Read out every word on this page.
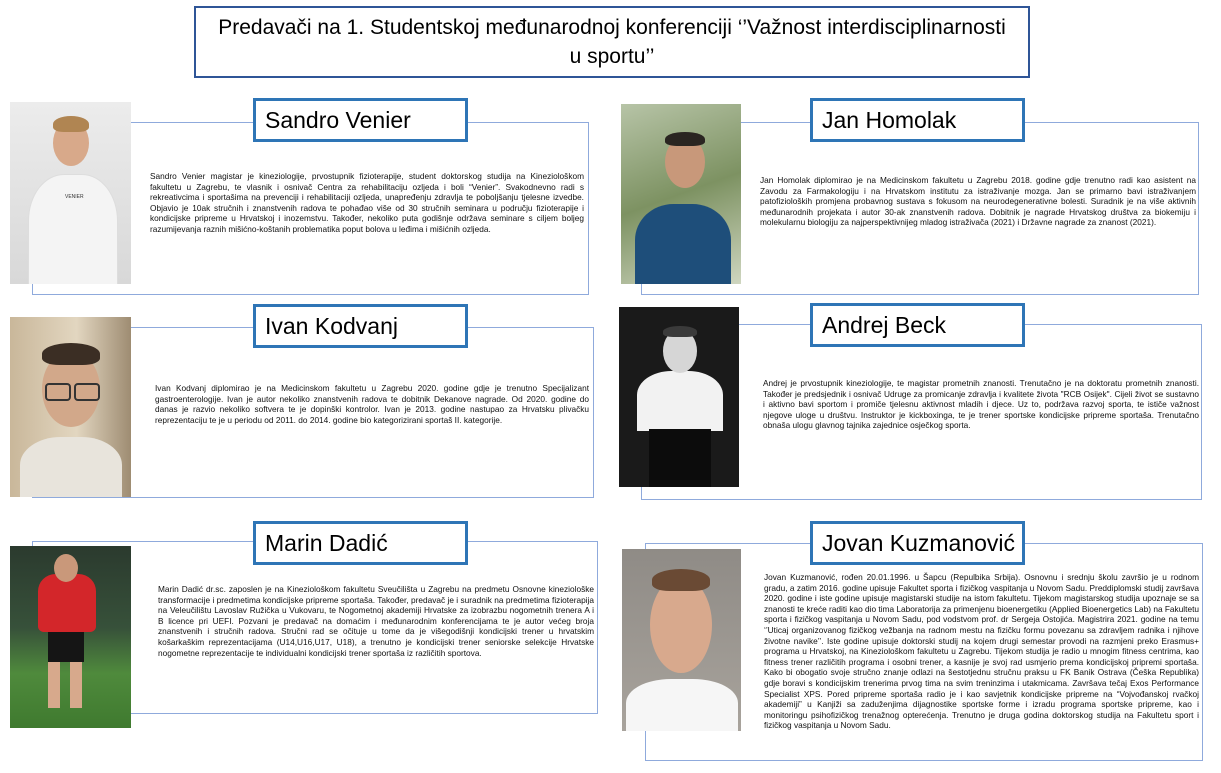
Predavači na 1. Studentskoj međunarodnoj konferenciji ‘’Važnost interdisciplinarnosti u sportu’’
VENIER
Sandro Venier
Sandro Venier magistar je kineziologije, prvostupnik fizioterapije, student doktorskog studija na Kineziološkom fakultetu u Zagrebu, te vlasnik i osnivač Centra za rehabilitaciju ozljeda i boli “Venier”. Svakodnevno radi s rekreativcima i sportašima na prevenciji i rehabilitaciji ozljeda, unapređenju zdravlja te poboljšanju tjelesne izvedbe. Objavio je 10ak stručnih i znanstvenih radova te pohađao više od 30 stručnih seminara u području fizioterapije i kondicijske pripreme u Hrvatskoj i inozemstvu. Također, nekoliko puta godišnje održava seminare s ciljem boljeg razumijevanja raznih mišićno-koštanih problematika poput bolova u leđima i mišićnih ozljeda.
Jan Homolak
Jan Homolak diplomirao je na Medicinskom fakultetu u Zagrebu 2018. godine gdje trenutno radi kao asistent na Zavodu za Farmakologiju i na Hrvatskom institutu za istraživanje mozga. Jan se primarno bavi istraživanjem patofizioloških promjena probavnog sustava s fokusom na neurodegenerativne bolesti. Suradnik je na više aktivnih međunarodnih projekata i autor 30-ak znanstvenih radova. Dobitnik je nagrade Hrvatskog društva za biokemiju i molekularnu biologiju za najperspektivnijeg mladog istraživača (2021) i Državne nagrade za znanost (2021).
Ivan Kodvanj
Ivan Kodvanj diplomirao je na Medicinskom fakultetu u Zagrebu 2020. godine gdje je trenutno Specijalizant gastroenterologije. Ivan je autor nekoliko znanstvenih radova te dobitnik Dekanove nagrade. Od 2020. godine do danas je razvio nekoliko softvera te je dopinški kontrolor. Ivan je 2013. godine nastupao za Hrvatsku plivačku reprezentaciju te je u periodu od 2011. do 2014. godine bio kategorizirani sportaš II. kategorije.
Andrej Beck
Andrej je prvostupnik kineziologije, te magistar prometnih znanosti. Trenutačno je na doktoratu prometnih znanosti. Također je predsjednik i osnivač Udruge za promicanje zdravlja i kvalitete života "RCB Osijek". Cijeli život se sustavno i aktivno bavi sportom i promiče tjelesnu aktivnost mladih i djece. Uz to, podržava razvoj sporta, te ističe važnost njegove uloge u društvu. Instruktor je kickboxinga, te je trener sportske kondicijske pripreme sportaša. Trenutačno obnaša ulogu glavnog tajnika zajednice osječkog sporta.
Marin Dadić
Marin Dadić dr.sc. zaposlen je na Kineziološkom fakultetu Sveučilišta u Zagrebu na predmetu Osnovne kineziološke transformacije i predmetima kondicijske pripreme sportaša. Također, predavač je i suradnik na predmetima fizioterapija na Veleučilištu Lavoslav Ružička u Vukovaru, te Nogometnoj akademiji Hrvatske za izobrazbu nogometnih trenera A i B licence pri UEFI. Pozvani je predavač na domaćim i međunarodnim konferencijama te je autor većeg broja znanstvenih i stručnih radova. Stručni rad se očituje u tome da je višegodišnji kondicijski trener u hrvatskim košarkaškim reprezentacijama (U14,U16,U17, U18), a trenutno je kondicijski trener seniorske selekcije Hrvatske nogometne reprezentacije te individualni kondicijski trener sportaša iz različitih sportova.
Jovan Kuzmanović
Jovan Kuzmanović, rođen 20.01.1996. u Šapcu (Repulbika Srbija). Osnovnu i srednju školu završio je u rodnom gradu, a zatim 2016. godine upisuje Fakultet sporta i fizičkog vaspitanja u Novom Sadu. Preddiplomski studij završava 2020. godine i iste godine upisuje magistarski studije na istom fakultetu. Tijekom magistarskog studija upoznaje se sa znanosti te kreće raditi kao dio tima Laboratorija za primenjenu bioenergetiku (Applied Bioenergetics Lab) na Fakultetu sporta i fizičkog vaspitanja u Novom Sadu, pod vodstvom prof. dr Sergeja Ostojića. Magistrira 2021. godine na temu ‘’Uticaj organizovanog fizičkog vežbanja na radnom mestu na fizičku formu povezanu sa zdravljem radnika i njihove životne navike’’. Iste godine upisuje doktorski studij na kojem drugi semestar provodi na razmjeni preko Erasmus+ programa u Hrvatskoj, na Kineziološkom fakultetu u Zagrebu. Tijekom studija je radio u mnogim fitness centrima, kao fitness trener različitih programa i osobni trener, a kasnije je svoj rad usmjerio prema kondicijskoj pripremi sportaša. Kako bi obogatio svoje stručno znanje odlazi na šestotjednu stručnu praksu u FK Banik Ostrava (Češka Republika) gdje boravi s kondicijskim trenerima prvog tima na svim treninzima i utakmicama. Završava tečaj Exos Performance Specialist XPS. Pored pripreme sportaša radio je i kao savjetnik kondicijske pripreme na “Vojvođanskoj rvačkoj akademiji” u Kanjiži sa zaduženjima dijagnostike sportske forme i izradu programa sportske pripreme, kao i monitoringu psihofizičkog trenažnog opterećenja. Trenutno je druga godina doktorskog studija na Fakultetu sport i fizičkog vaspitanja u Novom Sadu.
